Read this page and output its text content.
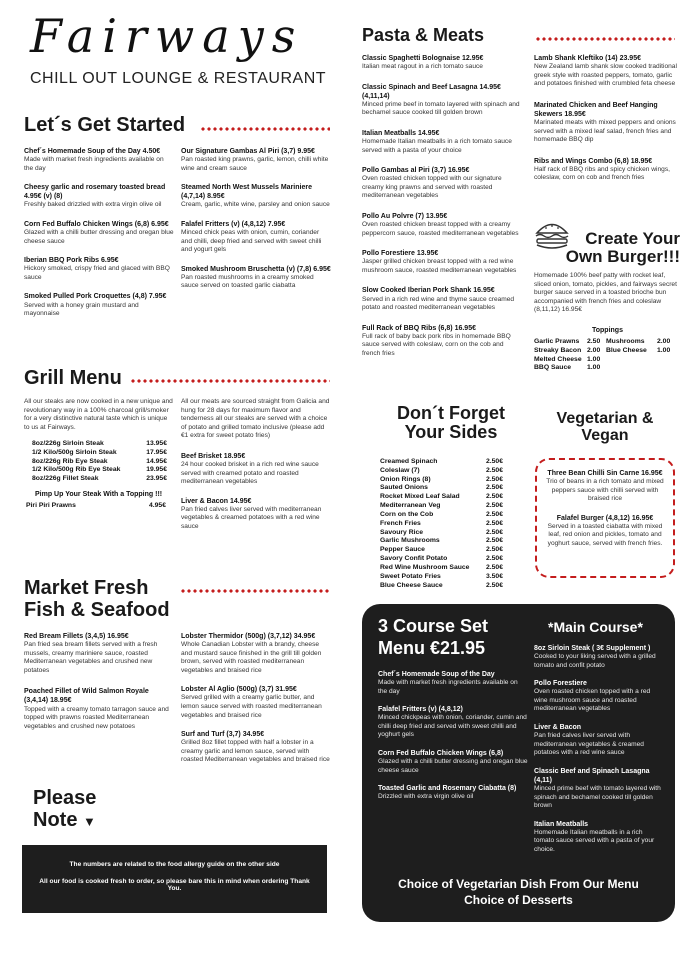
Fairways
CHILL OUT LOUNGE & RESTAURANT
Let´s Get Started
Chef´s Homemade Soup of the Day 4.50€
Made with market fresh ingredients available on the day
Cheesy garlic and rosemary toasted bread 4.95€ (v) (8)
Freshly baked drizzled with extra virgin olive oil
Corn Fed Buffalo Chicken Wings (6,8) 6.95€
Glazed with a chilli butter dressing and oregan blue cheese sauce
Iberian BBQ Pork Ribs 6.95€
Hickory smoked, crispy fried and glaced with BBQ sauce
Smoked Pulled Pork Croquettes (4,8) 7.95€
Served with a honey grain mustard and mayonnaise
Our Signature Gambas Al Piri (3,7) 9.95€
Pan roasted king prawns, garlic, lemon, chilli white wine and cream sauce
Steamed North West Mussels Mariniere (4,7,14) 8.95€
Cream, garlic, white wine, parsley and onion sauce
Falafel Fritters (v) (4,8,12) 7.95€
Minced chick peas with onion, cumin, coriander and chilli, deep fried and served with sweet chilli and yogurt gels
Smoked Mushroom Bruschetta (v) (7,8) 6.95€
Pan roasted mushrooms in a creamy smoked sauce served on toasted garlic ciabatta
Grill Menu
All our steaks are now cooked in a new unique and revolutionary way in a 100% charcoal grill/smoker for a very distinctive natural taste which is unique to us at Fairways.
All our meats are sourced straight from Galicia and hung for 28 days for maximum flavor and tenderness all our steaks are served with a choice of potato and grilled tomato inclusive (please add €1 extra for sweet potato fries)
8oz/226g Sirloin Steak	13.95€
1/2 Kilo/500g Sirloin Steak	17.95€
8oz/226g Rib Eye Steak	14.95€
1/2 Kilo/500g Rib Eye Steak	19.95€
8oz/226g Fillet Steak	23.95€
Pimp Up Your Steak With a Topping !!!
Piri Piri Prawns	4.95€
Beef Brisket 18.95€
24 hour cooked brisket in a rich red wine sauce served with creamed potato and roasted mediterranean vegetables
Liver & Bacon 14.95€
Pan fried calves liver served with mediterranean vegetables & creamed potatoes with a red wine sauce
Market Fresh Fish & Seafood
Red Bream Fillets (3,4,5) 16.95€
Pan fried sea bream fillets served with a fresh mussels, creamy mariniere sauce, roasted Mediterranean vegetables and crushed new potatoes
Poached Fillet of Wild Salmon Royale (3,4,14) 18.95€
Topped with a creamy tomato tarragon sauce and topped with prawns roasted Mediterranean vegetables and crushed new potatoes
Lobster Thermidor (500g) (3,7,12) 34.95€
Whole Canadian Lobster with a brandy, cheese and mustard sauce finished in the grill till golden brown, served with roasted mediterranean vegetables and braised rice
Lobster Al Aglio (500g) (3,7) 31.95€
Served grilled with a creamy garlic butter, and lemon sauce served with roasted mediterranean vegetables and braised rice
Surf and Turf (3,7) 34.95€
Grilled 8oz fillet topped with half a lobster in a creamy garlic and lemon sauce, served with roasted Mediterranean vegetables and braised rice
Please
Note ▼
The numbers are related to the food allergy guide on the other side
All our food is cooked fresh to order, so please bare this in mind when ordering Thank You.
Pasta & Meats
Classic Spaghetti Bolognaise 12.95€
Italian meat ragout in a rich tomato sauce
Classic Spinach and Beef Lasagna 14.95€ (4,11,14)
Minced prime beef in tomato layered with spinach and bechamel sauce cooked till golden brown
Italian Meatballs 14.95€
Homemade Italian meatballs in a rich tomato sauce served with a pasta of your choice
Pollo Gambas al Piri (3,7) 16.95€
Oven roasted chicken topped with our signature creamy king prawns and served with roasted mediterranean vegetables
Pollo Au Polvre (7) 13.95€
Oven roasted chicken breast topped with a creamy peppercorn sauce, roasted mediterranean vegetables
Pollo Forestiere 13.95€
Jasper grilled chicken breast topped with a red wine mushroom sauce, roasted mediterranean vegetables
Slow Cooked Iberian Pork Shank 16.95€
Served in a rich red wine and thyme sauce creamed potato and roasted mediterranean vegetables
Full Rack of BBQ Ribs (6,8) 16.95€
Full rack of baby back pork ribs in homemade BBQ sauce served with coleslaw, corn on the cob and french fries
Lamb Shank Kleftiko (14) 23.95€
New Zealand lamb shank slow cooked traditional greek style with roasted peppers, tomato, garlic and potatoes finished with crumbled feta cheese
Marinated Chicken and Beef Hanging Skewers 18.95€
Marinated meats with mixed peppers and onions served with a mixed leaf salad, french fries and homemade BBQ dip
Ribs and Wings Combo (6,8) 18.95€
Half rack of BBQ ribs and spicy chicken wings, coleslaw, corn on cob and french fries
Create Your
Own Burger!!!
Homemade 100% beef patty with rocket leaf, sliced onion, tomato, pickles, and fairways secret burger sauce served in a toasted brioche bun accompanied with french fries and coleslaw (8,11,12) 16.95€
Toppings
Garlic Prawns	2.50 Mushrooms	2.00
Streaky Bacon 2.00 Blue Cheese	1.00
Melted Cheese 1.00
BBQ Sauce	1.00
Don´t Forget
Your Sides
Creamed Spinach	2.50€
Coleslaw (7)	2.50€
Onion Rings (8)	2.50€
Sauted Onions	2.50€
Rocket Mixed Leaf Salad	2.50€
Mediterranean Veg	2.50€
Corn on the Cob	2.50€
French Fries	2.50€
Savoury Rice	2.50€
Garlic Mushrooms	2.50€
Pepper Sauce	2.50€
Savory Confit Potato	2.50€
Red Wine Mushroom Sauce 2.50€
Sweet Potato Fries	3.50€
Blue Cheese Sauce	2.50€
Vegetarian &
Vegan
Three Bean Chilli Sin Carne 16.95€
Trio of beans in a rich tomato and mixed peppers sauce with chilli served with braised rice
Falafel Burger (4,8,12) 16.95€
Served in a toasted ciabatta with mixed leaf, red onion and pickles, tomato and yoghurt sauce, served with french fries.
3 Course Set
Menu €21.95
*Main Course*
Chef´s Homemade Soup of the Day
Made with market fresh ingredients available on the day
Falafel Fritters (v) (4,8,12)
Minced chickpeas with onion, coriander, cumin and chilli deep fried and served with sweet chilli and yoghurt gels
Corn Fed Buffalo Chicken Wings (6,8)
Glazed with a chilli butter dressing and oregan blue cheese sauce
Toasted Garlic and Rosemary Ciabatta (8)
Drizzled with extra virgin olive oil
8oz Sirloin Steak ( 3€ Supplement )
Cooked to your liking served with a grilled tomato and confit potato
Pollo Forestiere
Oven roasted chicken topped with a red wine mushroom sauce and roasted mediterranean vegetables
Liver & Bacon
Pan fried calves liver served with mediterranean vegetables & creamed potatoes with a red wine sauce
Classic Beef and Spinach Lasagna (4,11)
Minced prime beef with tomato layered with spinach and bechamel cooked till golden brown
Italian Meatballs
Homemade Italian meatballs in a rich tomato sauce served with a pasta of your choice.
Choice of Vegetarian Dish From Our Menu
Choice of Desserts
